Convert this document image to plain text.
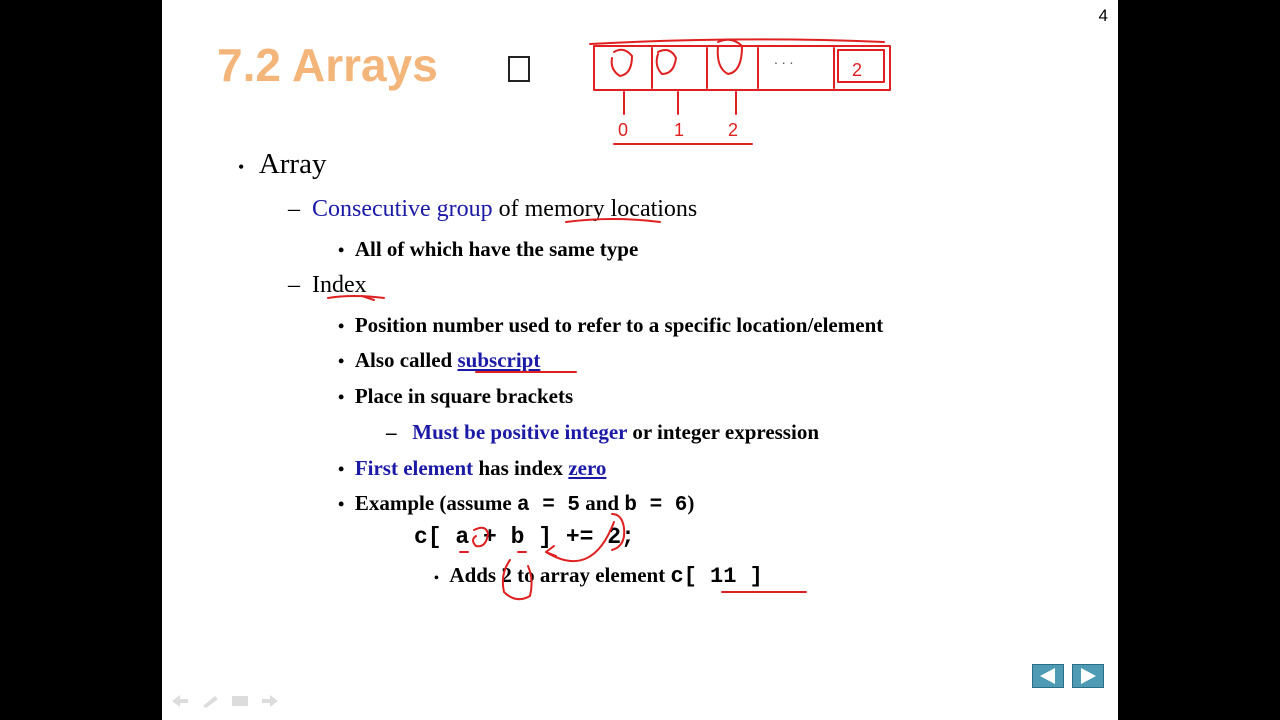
4
7.2 Arrays
• Array
– Consecutive group of memory locations
• All of which have the same type
– Index
• Position number used to refer to a specific location/element
• Also called subscript
• Place in square brackets
– Must be positive integer or integer expression
• First element has index zero
• Example (assume a = 5 and b = 6)
c[ a + b ] += 2;
• Adds 2 to array element c[ 11 ]
0	1 2
2
. . .
